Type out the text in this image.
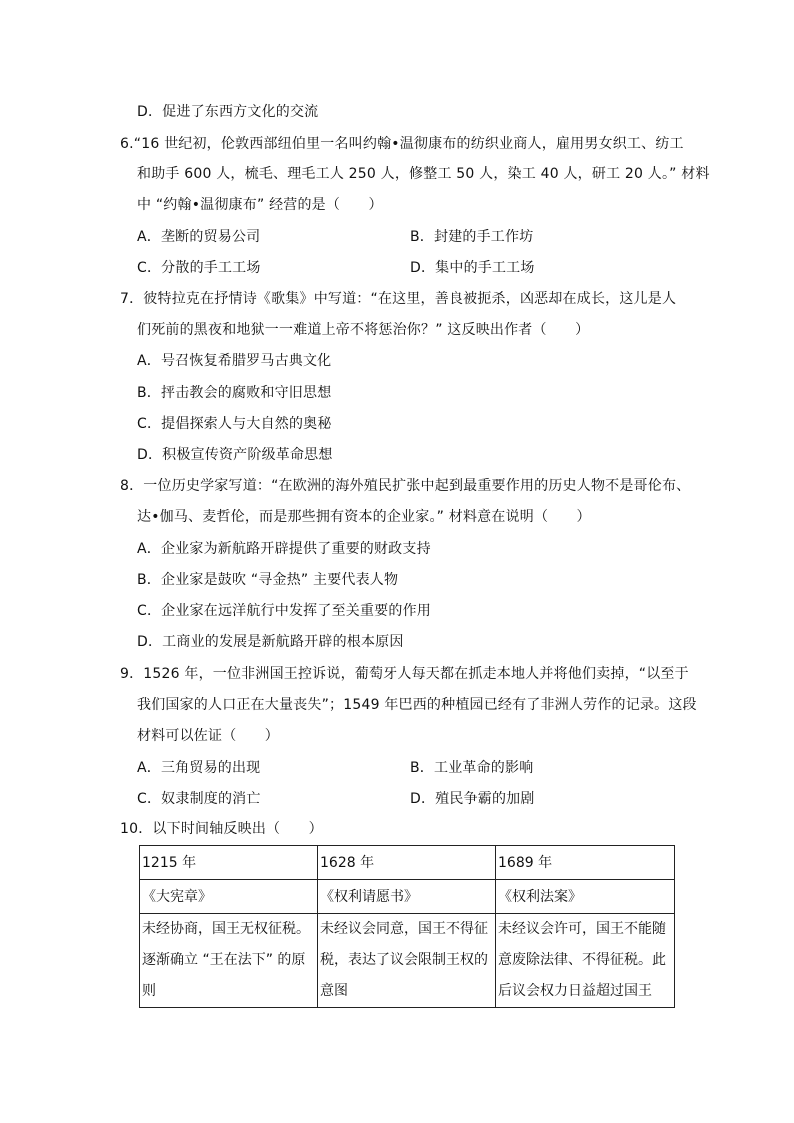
D．促进了东西方文化的交流
6.“16 世纪初，伦敦西部纽伯里一名叫约翰•温彻康布的纺织业商人，雇用男女织工、纺工
和助手 600 人，梳毛、理毛工人 250 人，修整工 50 人，染工 40 人，研工 20 人。” 材料
中 “约翰•温彻康布” 经营的是（　　）
A．垄断的贸易公司	B．封建的手工作坊
C．分散的手工工场	D．集中的手工工场
7．彼特拉克在抒情诗《歌集》中写道：“在这里，善良被扼杀，凶恶却在成长，这儿是人
们死前的黑夜和地狱一一难道上帝不将惩治你？” 这反映出作者（　　）
A．号召恢复希腊罗马古典文化
B．抨击教会的腐败和守旧思想
C．提倡探索人与大自然的奥秘
D．积极宣传资产阶级革命思想
8．一位历史学家写道：“在欧洲的海外殖民扩张中起到最重要作用的历史人物不是哥伦布、
达•伽马、麦哲伦，而是那些拥有资本的企业家。” 材料意在说明（　　）
A．企业家为新航路开辟提供了重要的财政支持
B．企业家是鼓吹 “寻金热” 主要代表人物
C．企业家在远洋航行中发挥了至关重要的作用
D．工商业的发展是新航路开辟的根本原因
9．1526 年，一位非洲国王控诉说，葡萄牙人每天都在抓走本地人并将他们卖掉，“以至于
我们国家的人口正在大量丧失”；1549 年巴西的种植园已经有了非洲人劳作的记录。这段
材料可以佐证（　　）
A．三角贸易的出现	B．工业革命的影响
C．奴隶制度的消亡	D．殖民争霸的加剧
10．以下时间轴反映出（　　）
1215 年	1628 年	1689 年
《大宪章》	《权利请愿书》	《权利法案》

未经协商，国王无权征税。
逐渐确立 “王在法下” 的原
则	未经议会同意，国王不得征
税，表达了议会限制王权的
意图	未经议会许可，国王不能随
意废除法律、不得征税。此
后议会权力日益超过国王
